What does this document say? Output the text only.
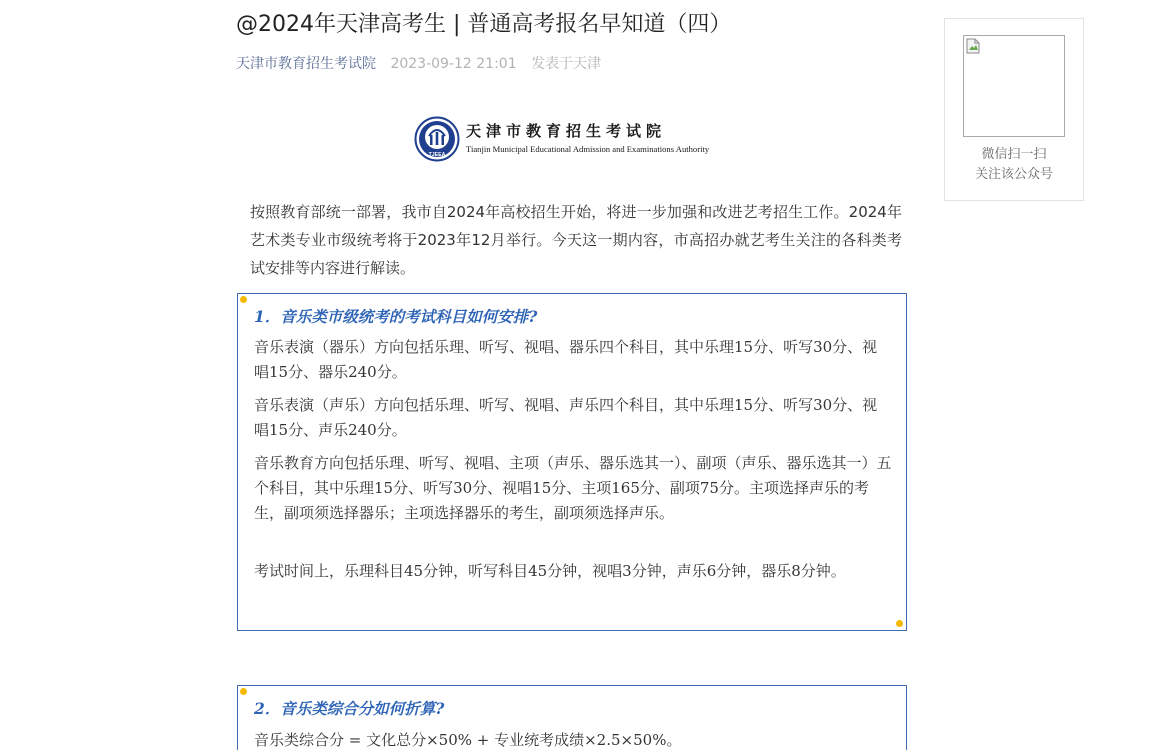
@2024年天津高考生 | 普通高考报名早知道（四）
天津市教育招生考试院 2023-09-12 21:01 发表于天津
TJEEA
天津市教育招生考试院
Tianjin Municipal Educational Admission and Examinations Authority

按照教育部统一部署，我市自2024年高校招生开始，将进一步加强和改进艺考招生工作。2024年艺术类专业市级统考将于2023年12月举行。今天这一期内容，市高招办就艺考生关注的各科类考试安排等内容进行解读。

1．音乐类市级统考的考试科目如何安排?
音乐表演（器乐）方向包括乐理、听写、视唱、器乐四个科目，其中乐理15分、听写30分、视唱15分、器乐240分。
音乐表演（声乐）方向包括乐理、听写、视唱、声乐四个科目，其中乐理15分、听写30分、视唱15分、声乐240分。
音乐教育方向包括乐理、听写、视唱、主项（声乐、器乐选其一）、副项（声乐、器乐选其一）五个科目，其中乐理15分、听写30分、视唱15分、主项165分、副项75分。主项选择声乐的考生，副项须选择器乐；主项选择器乐的考生，副项须选择声乐。
考试时间上，乐理科目45分钟，听写科目45分钟，视唱3分钟，声乐6分钟，器乐8分钟。
2．音乐类综合分如何折算?
音乐类综合分 = 文化总分×50% + 专业统考成绩×2.5×50%。
微信扫一扫
关注该公众号
